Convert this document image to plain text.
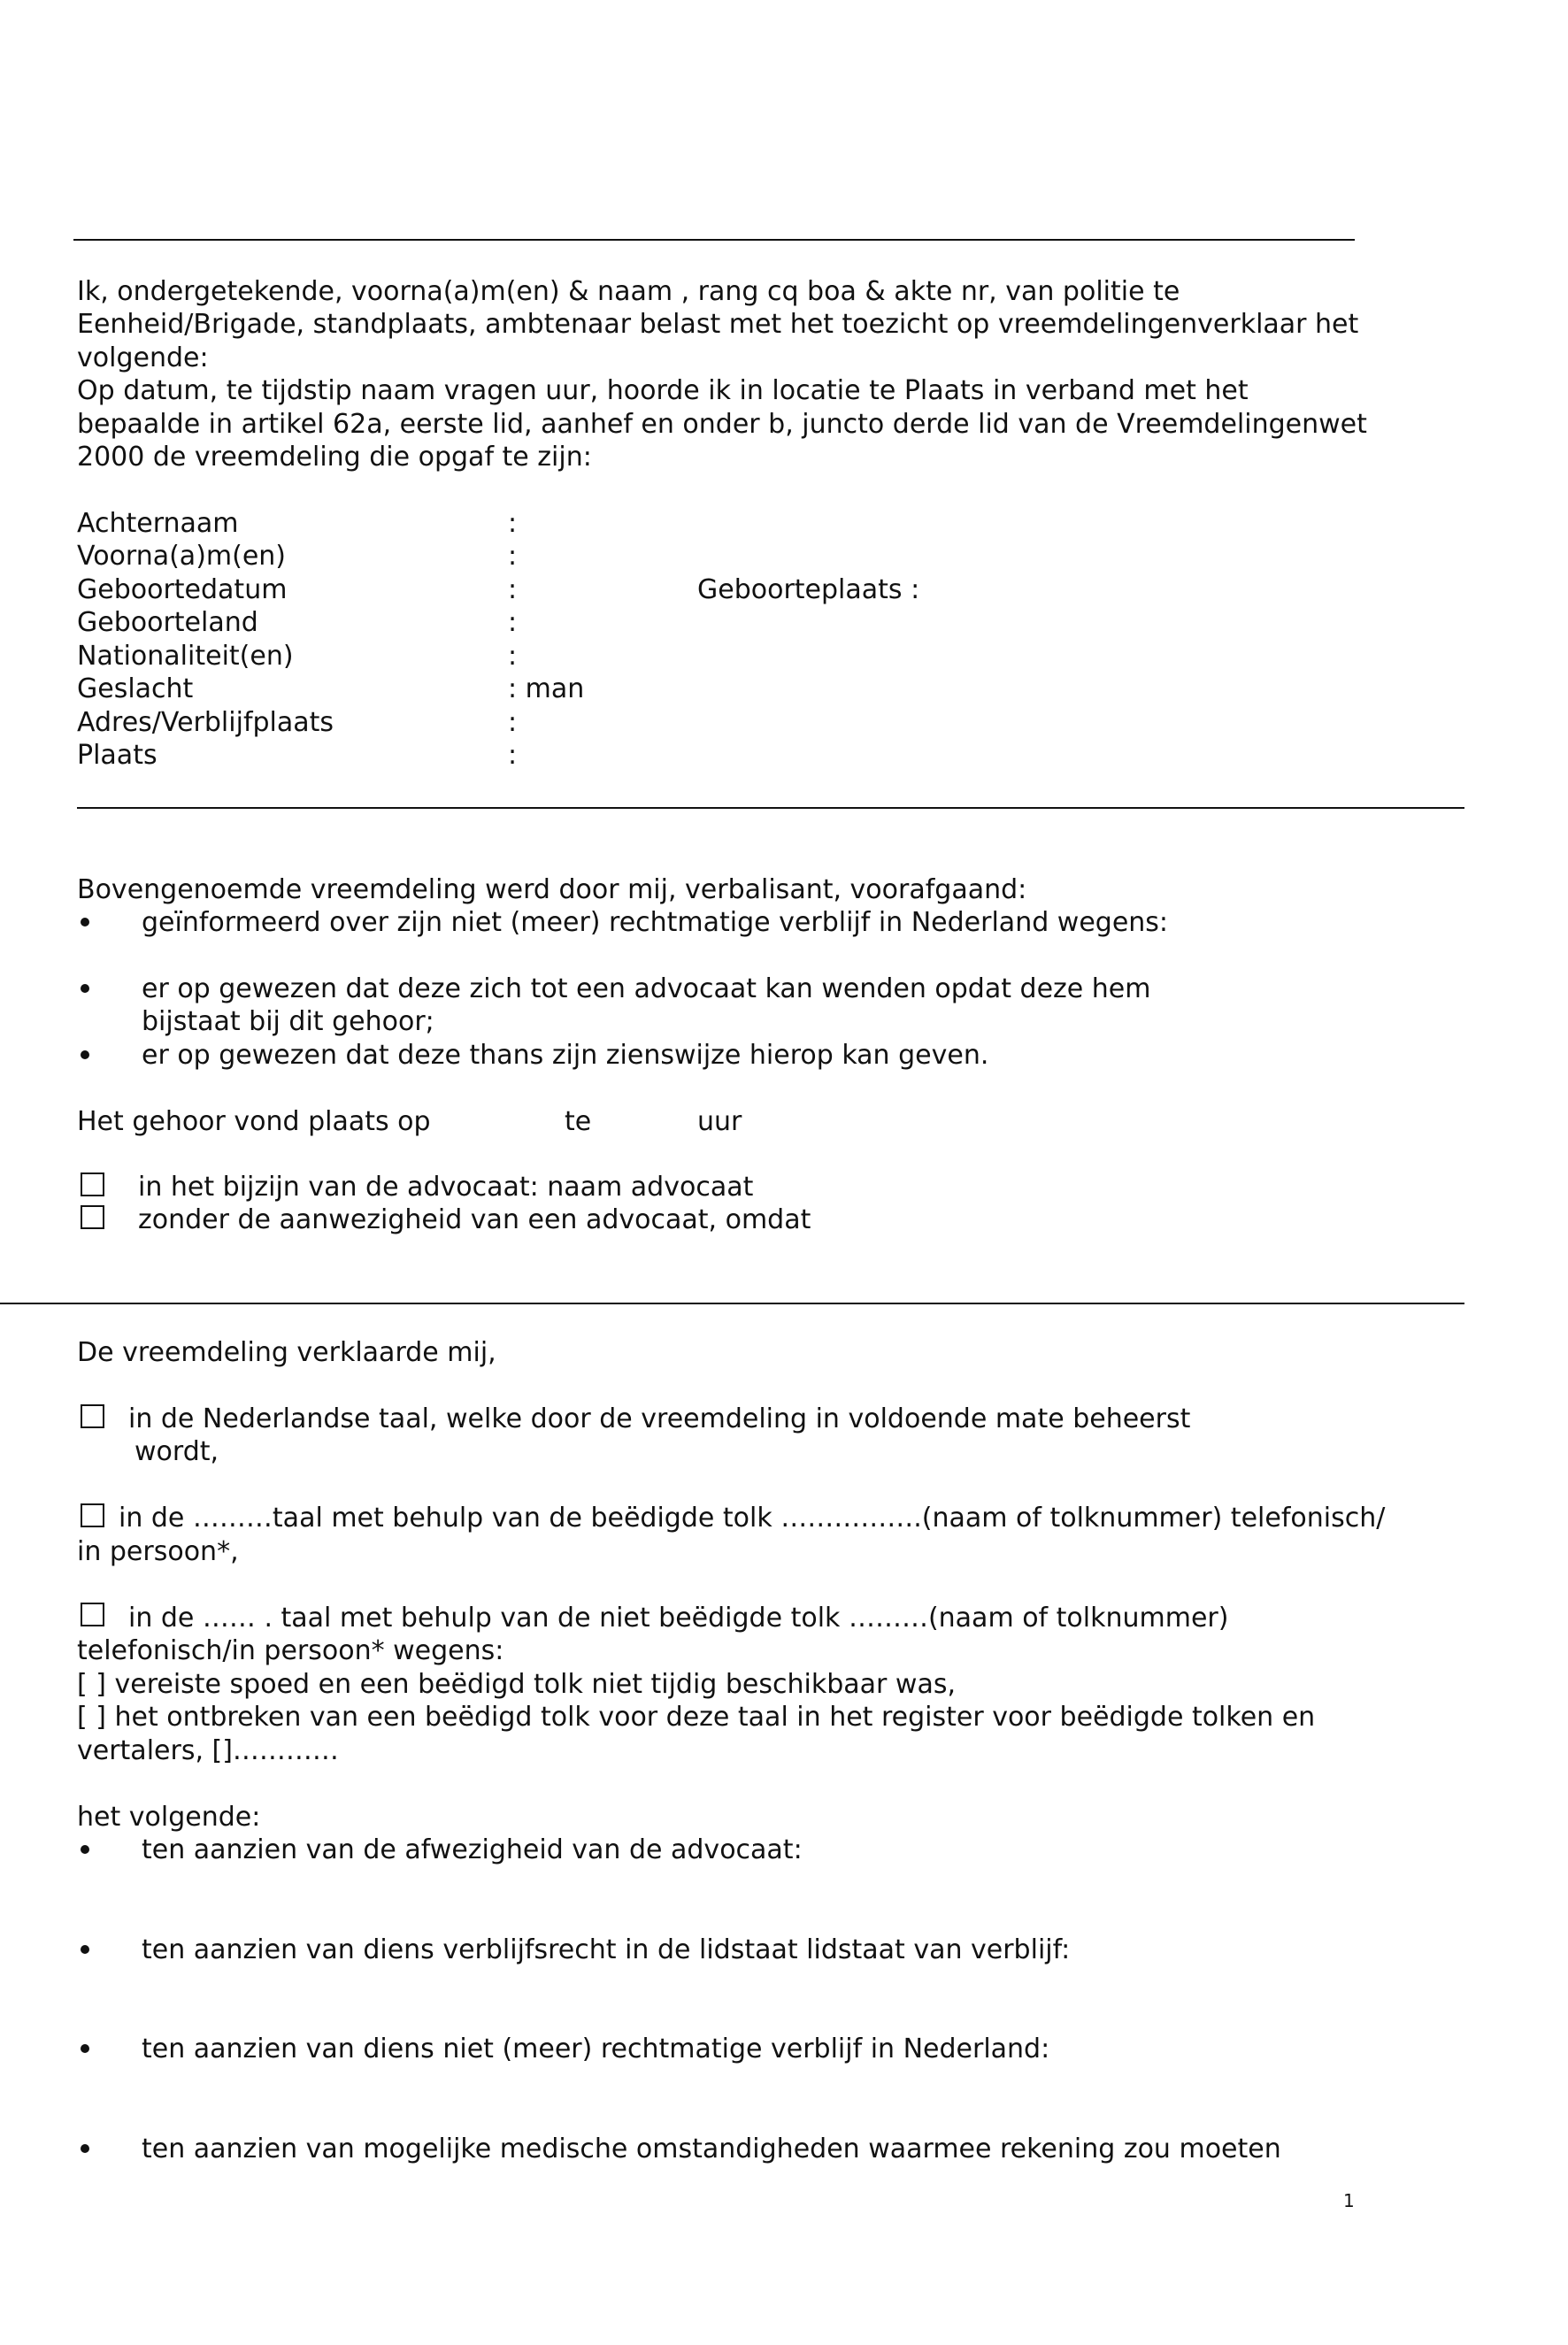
Ik, ondergetekende, voorna(a)m(en) & naam , rang cq boa & akte nr, van politie te
Eenheid/Brigade, standplaats, ambtenaar belast met het toezicht op vreemdelingenverklaar het
volgende:
Op datum, te tijdstip naam vragen uur, hoorde ik in locatie te Plaats in verband met het
bepaalde in artikel 62a, eerste lid, aanhef en onder b, juncto derde lid van de Vreemdelingenwet
2000 de vreemdeling die opgaf te zijn:
Achternaam	:
Voorna(a)m(en)	:
Geboortedatum	:	Geboorteplaats :
Geboorteland	:
Nationaliteit(en)	:
Geslacht	: man
Adres/Verblijfplaats	:
Plaats	:
Bovengenoemde vreemdeling werd door mij, verbalisant, voorafgaand:
geïnformeerd over zijn niet (meer) rechtmatige verblijf in Nederland wegens:
er op gewezen dat deze zich tot een advocaat kan wenden opdat deze hem
bijstaat bij dit gehoor;
er op gewezen dat deze thans zijn zienswijze hierop kan geven.
Het gehoor vond plaats op	te	uur
in het bijzijn van de advocaat: naam advocaat
zonder de aanwezigheid van een advocaat, omdat
De vreemdeling verklaarde mij,
in de Nederlandse taal, welke door de vreemdeling in voldoende mate beheerst
wordt,
in de ………taal met behulp van de beëdigde tolk …………….(naam of tolknummer) telefonisch/
in persoon*,
in de …… . taal met behulp van de niet beëdigde tolk ………(naam of tolknummer)
telefonisch/in persoon* wegens:
[ ] vereiste spoed en een beëdigd tolk niet tijdig beschikbaar was,
[ ] het ontbreken van een beëdigd tolk voor deze taal in het register voor beëdigde tolken en
vertalers, []…………
het volgende:
ten aanzien van de afwezigheid van de advocaat:
ten aanzien van diens verblijfsrecht in de lidstaat lidstaat van verblijf:
ten aanzien van diens niet (meer) rechtmatige verblijf in Nederland:
ten aanzien van mogelijke medische omstandigheden waarmee rekening zou moeten
1
